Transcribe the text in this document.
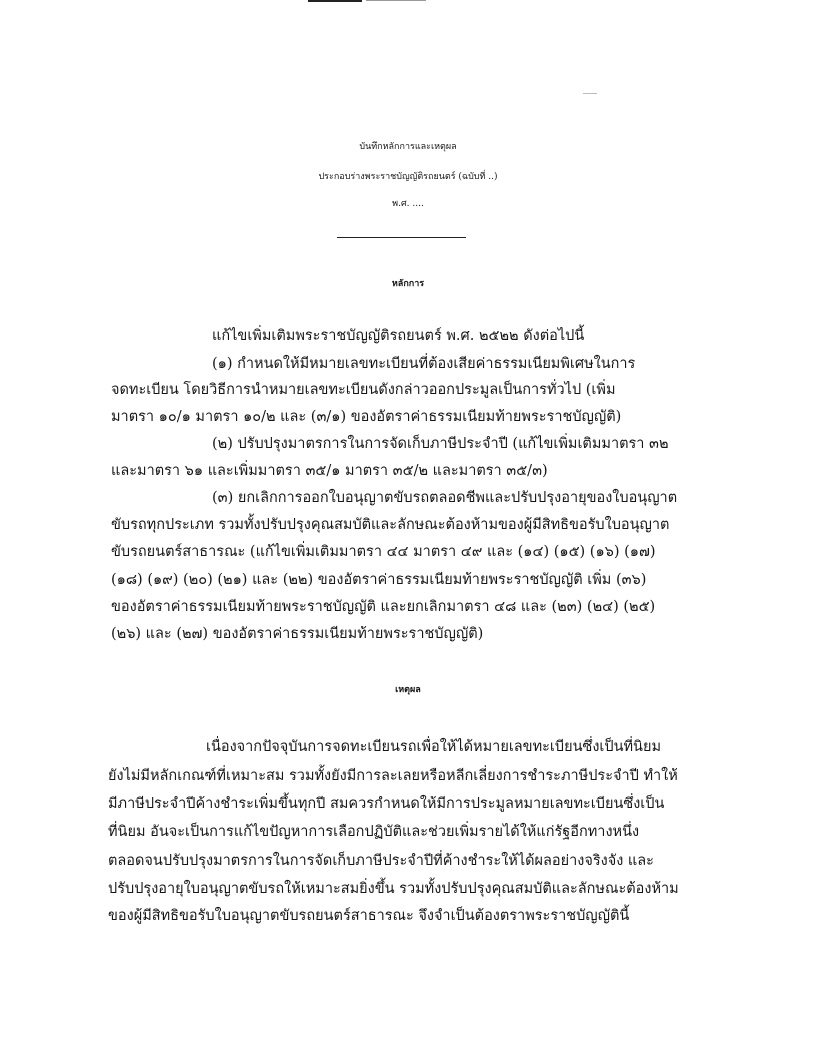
บันทึกหลักการและเหตุผล
ประกอบร่างพระราชบัญญัติรถยนตร์ (ฉบับที่ ..)
พ.ศ. ....
หลักการ
แก้ไขเพิ่มเติมพระราชบัญญัติรถยนตร์ พ.ศ. ๒๕๒๒ ดังต่อไปนี้
(๑) กำหนดให้มีหมายเลขทะเบียนที่ต้องเสียค่าธรรมเนียมพิเศษในการ
จดทะเบียน โดยวิธีการนำหมายเลขทะเบียนดังกล่าวออกประมูลเป็นการทั่วไป (เพิ่ม
มาตรา ๑๐/๑ มาตรา ๑๐/๒ และ (๓/๑) ของอัตราค่าธรรมเนียมท้ายพระราชบัญญัติ)
(๒) ปรับปรุงมาตรการในการจัดเก็บภาษีประจำปี (แก้ไขเพิ่มเติมมาตรา ๓๒
และมาตรา ๖๑ และเพิ่มมาตรา ๓๕/๑ มาตรา ๓๕/๒ และมาตรา ๓๕/๓)
(๓) ยกเลิกการออกใบอนุญาตขับรถตลอดชีพและปรับปรุงอายุของใบอนุญาต
ขับรถทุกประเภท รวมทั้งปรับปรุงคุณสมบัติและลักษณะต้องห้ามของผู้มีสิทธิขอรับใบอนุญาต
ขับรถยนตร์สาธารณะ (แก้ไขเพิ่มเติมมาตรา ๔๔ มาตรา ๔๙ และ (๑๔) (๑๕) (๑๖) (๑๗)
(๑๘) (๑๙) (๒๐) (๒๑) และ (๒๒) ของอัตราค่าธรรมเนียมท้ายพระราชบัญญัติ เพิ่ม (๓๖)
ของอัตราค่าธรรมเนียมท้ายพระราชบัญญัติ และยกเลิกมาตรา ๔๘ และ (๒๓) (๒๔) (๒๕)
(๒๖) และ (๒๗) ของอัตราค่าธรรมเนียมท้ายพระราชบัญญัติ)
เหตุผล
เนื่องจากปัจจุบันการจดทะเบียนรถเพื่อให้ได้หมายเลขทะเบียนซึ่งเป็นที่นิยม
ยังไม่มีหลักเกณฑ์ที่เหมาะสม รวมทั้งยังมีการละเลยหรือหลีกเลี่ยงการชำระภาษีประจำปี ทำให้
มีภาษีประจำปีค้างชำระเพิ่มขึ้นทุกปี สมควรกำหนดให้มีการประมูลหมายเลขทะเบียนซึ่งเป็น
ที่นิยม อันจะเป็นการแก้ไขปัญหาการเลือกปฏิบัติและช่วยเพิ่มรายได้ให้แก่รัฐอีกทางหนึ่ง
ตลอดจนปรับปรุงมาตรการในการจัดเก็บภาษีประจำปีที่ค้างชำระให้ได้ผลอย่างจริงจัง และ
ปรับปรุงอายุใบอนุญาตขับรถให้เหมาะสมยิ่งขึ้น รวมทั้งปรับปรุงคุณสมบัติและลักษณะต้องห้าม
ของผู้มีสิทธิขอรับใบอนุญาตขับรถยนตร์สาธารณะ จึงจำเป็นต้องตราพระราชบัญญัตินี้
